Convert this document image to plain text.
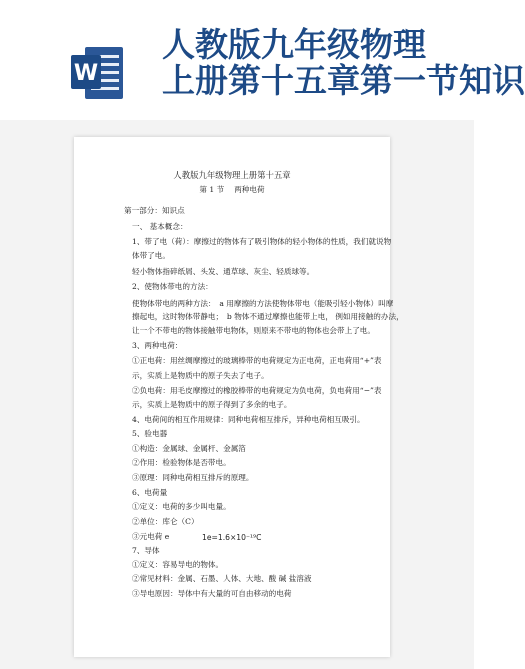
W
人教版九年级物理
上册第十五章第一节知识
人教版九年级物理上册第十五章
第 1 节　 两种电荷
第一部分：知识点
一、 基本概念：
1、带了电（荷）：摩擦过的物体有了吸引物体的轻小物体的性质，我们就说物
体带了电。
轻小物体指碎纸屑、头发、通草球、灰尘、轻质球等。
2、使物体带电的方法：
使物体带电的两种方法：　a 用摩擦的方法使物体带电（能吸引轻小物体）叫摩
擦起电，这时物体带静电；　b 物体不通过摩擦也能带上电， 例如用接触的办法，
让一个不带电的物体接触带电物体，则原来不带电的物体也会带上了电。
3、两种电荷：
①正电荷：用丝绸摩擦过的玻璃棒带的电荷规定为正电荷，正电荷用“+”表
示，实质上是物质中的原子失去了电子。
②负电荷：用毛皮摩擦过的橡胶棒带的电荷规定为负电荷，负电荷用“−”表
示，实质上是物质中的原子得到了多余的电子。
4、电荷间的相互作用规律：同种电荷相互排斥，异种电荷相互吸引。
5、验电器
①构造：金属球、金属杆、金属箔
②作用：检验物体是否带电。
③原理：同种电荷相互排斥的原理。
6、电荷量
①定义：电荷的多少叫电量。
②单位：库仑（C）
③元电荷 e	1e=1.6×10⁻¹⁹C
7、导体
①定义：容易导电的物体。
②常见材料：金属、石墨、人体、大地、酸 碱 盐溶液
③导电原因：导体中有大量的可自由移动的电荷
